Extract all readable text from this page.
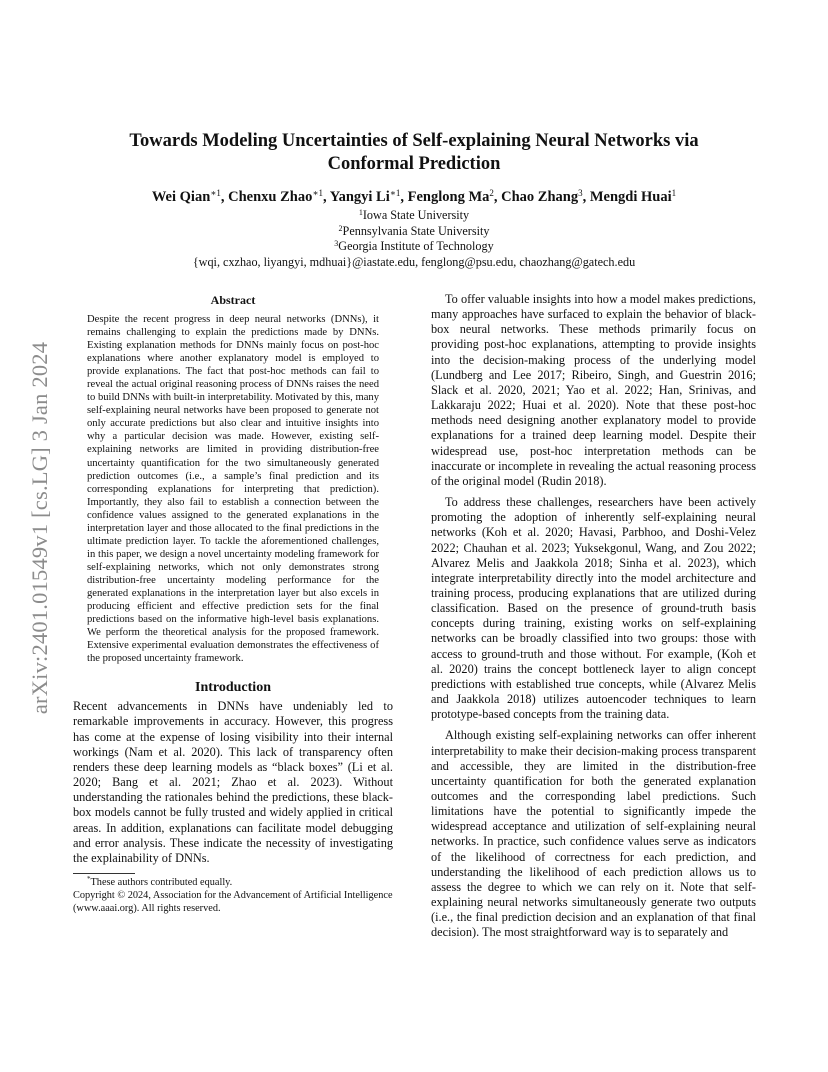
arXiv:2401.01549v1 [cs.LG] 3 Jan 2024
Towards Modeling Uncertainties of Self-explaining Neural Networks via Conformal Prediction
Wei Qian$^{∗1}$, Chenxu Zhao$^{∗1}$, Yangyi $Li^{∗1}$, Fenglong Ma$^2$, Chao Zhang$^3$, Mengdi Huai$^1$
$^1$Iowa State University
$^2$Pennsylvania State University
$^3$Georgia Institute of Technology
{wqi, cxzhao, liyangyi, mdhuai}@iastate.edu, fenglong@psu.edu, chaozhang@gatech.edu
Abstract

Despite the recent progress in deep neural networks (DNNs), it remains challenging to explain the predictions made by DNNs. Existing explanation methods for DNNs mainly focus on post-hoc explanations where another explanatory model is employed to provide explanations. The fact that post-hoc methods can fail to reveal the actual original reasoning process of DNNs raises the need to build DNNs with built-in interpretability. Motivated by this, many self-explaining neural networks have been proposed to generate not only accurate predictions but also clear and intuitive insights into why a particular decision was made. However, existing self-explaining networks are limited in providing distribution-free uncertainty quantification for the two simultaneously generated prediction outcomes (i.e., a sample’s final prediction and its corresponding explanations for interpreting that prediction). Importantly, they also fail to establish a connection between the confidence values assigned to the generated explanations in the interpretation layer and those allocated to the final predictions in the ultimate prediction layer. To tackle the aforementioned challenges, in this paper, we design a novel uncertainty modeling framework for self-explaining networks, which not only demonstrates strong distribution-free uncertainty modeling performance for the generated explanations in the interpretation layer but also excels in producing efficient and effective prediction sets for the final predictions based on the informative high-level basis explanations. We perform the theoretical analysis for the proposed framework. Extensive experimental evaluation demonstrates the effectiveness of the proposed uncertainty framework.

Introduction

Recent advancements in DNNs have undeniably led to remarkable improvements in accuracy. However, this progress has come at the expense of losing visibility into their internal workings (Nam et al. 2020). This lack of transparency often renders these deep learning models as “black boxes” (Li et al. 2020; Bang et al. 2021; Zhao et al. 2023). Without understanding the rationales behind the predictions, these black-box models cannot be fully trusted and widely applied in critical areas. In addition, explanations can facilitate model debugging and error analysis. These indicate the necessity of investigating the explainability of DNNs.

*These authors contributed equally.

Copyright © 2024, Association for the Advancement of Artificial Intelligence (www.aaai.org). All rights reserved.

To offer valuable insights into how a model makes predictions, many approaches have surfaced to explain the behavior of black-box neural networks. These methods primarily focus on providing post-hoc explanations, attempting to provide insights into the decision-making process of the underlying model (Lundberg and Lee 2017; Ribeiro, Singh, and Guestrin 2016; Slack et al. 2020, 2021; Yao et al. 2022; Han, Srinivas, and Lakkaraju 2022; Huai et al. 2020). Note that these post-hoc methods need designing another explanatory model to provide explanations for a trained deep learning model. Despite their widespread use, post-hoc interpretation methods can be inaccurate or incomplete in revealing the actual reasoning process of the original model (Rudin 2018).

To address these challenges, researchers have been actively promoting the adoption of inherently self-explaining neural networks (Koh et al. 2020; Havasi, Parbhoo, and Doshi-Velez 2022; Chauhan et al. 2023; Yuksekgonul, Wang, and Zou 2022; Alvarez Melis and Jaakkola 2018; Sinha et al. 2023), which integrate interpretability directly into the model architecture and training process, producing explanations that are utilized during classification. Based on the presence of ground-truth basis concepts during training, existing works on self-explaining networks can be broadly classified into two groups: those with access to ground-truth and those without. For example, (Koh et al. 2020) trains the concept bottleneck layer to align concept predictions with established true concepts, while (Alvarez Melis and Jaakkola 2018) utilizes autoencoder techniques to learn prototype-based concepts from the training data.

Although existing self-explaining networks can offer inherent interpretability to make their decision-making process transparent and accessible, they are limited in the distribution-free uncertainty quantification for both the generated explanation outcomes and the corresponding label predictions. Such limitations have the potential to significantly impede the widespread acceptance and utilization of self-explaining neural networks. In practice, such confidence values serve as indicators of the likelihood of correctness for each prediction, and understanding the likelihood of each prediction allows us to assess the degree to which we can rely on it. Note that self-explaining neural networks simultaneously generate two outputs (i.e., the final prediction decision and an explanation of that final decision). The most straightforward way is to separately and
